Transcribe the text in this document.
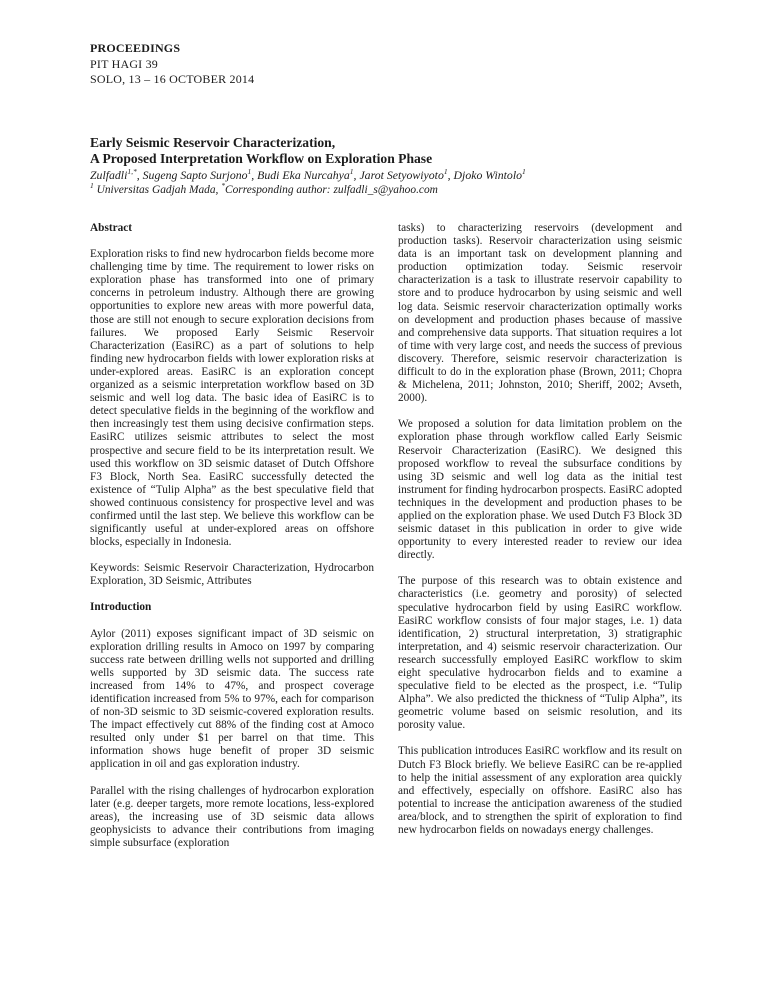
PROCEEDINGS
PIT HAGI 39
SOLO, 13 – 16 OCTOBER 2014
Early Seismic Reservoir Characterization,
A Proposed Interpretation Workflow on Exploration Phase
Zulfadli$^{1,*}$, Sugeng Sapto Surjono$^1$, Budi Eka Nurcahya$^1$, Jarot Setyowiyoto$^1$, Djoko Wintolo$^1$
$^1$ Universitas Gadjah Mada, *Corresponding author: zulfadli_s@yahoo.com
Abstract

Exploration risks to find new hydrocarbon fields become more challenging time by time. The requirement to lower risks on exploration phase has transformed into one of primary concerns in petroleum industry. Although there are growing opportunities to explore new areas with more powerful data, those are still not enough to secure exploration decisions from failures. We proposed Early Seismic Reservoir Characterization (EasiRC) as a part of solutions to help finding new hydrocarbon fields with lower exploration risks at under-explored areas. EasiRC is an exploration concept organized as a seismic interpretation workflow based on 3D seismic and well log data. The basic idea of EasiRC is to detect speculative fields in the beginning of the workflow and then increasingly test them using decisive confirmation steps. EasiRC utilizes seismic attributes to select the most prospective and secure field to be its interpretation result. We used this workflow on 3D seismic dataset of Dutch Offshore F3 Block, North Sea. EasiRC successfully detected the existence of “Tulip Alpha” as the best speculative field that showed continuous consistency for prospective level and was confirmed until the last step. We believe this workflow can be significantly useful at under-explored areas on offshore blocks, especially in Indonesia.

Keywords: Seismic Reservoir Characterization, Hydrocarbon Exploration, 3D Seismic, Attributes

Introduction

Aylor (2011) exposes significant impact of 3D seismic on exploration drilling results in Amoco on 1997 by comparing success rate between drilling wells not supported and drilling wells supported by 3D seismic data. The success rate increased from 14% to 47%, and prospect coverage identification increased from 5% to 97%, each for comparison of non-3D seismic to 3D seismic-covered exploration results. The impact effectively cut 88% of the finding cost at Amoco resulted only under $1 per barrel on that time. This information shows huge benefit of proper 3D seismic application in oil and gas exploration industry.

Parallel with the rising challenges of hydrocarbon exploration later (e.g. deeper targets, more remote locations, less-explored areas), the increasing use of 3D seismic data allows geophysicists to advance their contributions from imaging simple subsurface (exploration

tasks) to characterizing reservoirs (development and production tasks). Reservoir characterization using seismic data is an important task on development planning and production optimization today. Seismic reservoir characterization is a task to illustrate reservoir capability to store and to produce hydrocarbon by using seismic and well log data. Seismic reservoir characterization optimally works on development and production phases because of massive and comprehensive data supports. That situation requires a lot of time with very large cost, and needs the success of previous discovery. Therefore, seismic reservoir characterization is difficult to do in the exploration phase (Brown, 2011; Chopra & Michelena, 2011; Johnston, 2010; Sheriff, 2002; Avseth, 2000).

We proposed a solution for data limitation problem on the exploration phase through workflow called Early Seismic Reservoir Characterization (EasiRC). We designed this proposed workflow to reveal the subsurface conditions by using 3D seismic and well log data as the initial test instrument for finding hydrocarbon prospects. EasiRC adopted techniques in the development and production phases to be applied on the exploration phase. We used Dutch F3 Block 3D seismic dataset in this publication in order to give wide opportunity to every interested reader to review our idea directly.

The purpose of this research was to obtain existence and characteristics (i.e. geometry and porosity) of selected speculative hydrocarbon field by using EasiRC workflow. EasiRC workflow consists of four major stages, i.e. 1) data identification, 2) structural interpretation, 3) stratigraphic interpretation, and 4) seismic reservoir characterization. Our research successfully employed EasiRC workflow to skim eight speculative hydrocarbon fields and to examine a speculative field to be elected as the prospect, i.e. “Tulip Alpha”. We also predicted the thickness of “Tulip Alpha”, its geometric volume based on seismic resolution, and its porosity value.

This publication introduces EasiRC workflow and its result on Dutch F3 Block briefly. We believe EasiRC can be re-applied to help the initial assessment of any exploration area quickly and effectively, especially on offshore. EasiRC also has potential to increase the anticipation awareness of the studied area/block, and to strengthen the spirit of exploration to find new hydrocarbon fields on nowadays energy challenges.
